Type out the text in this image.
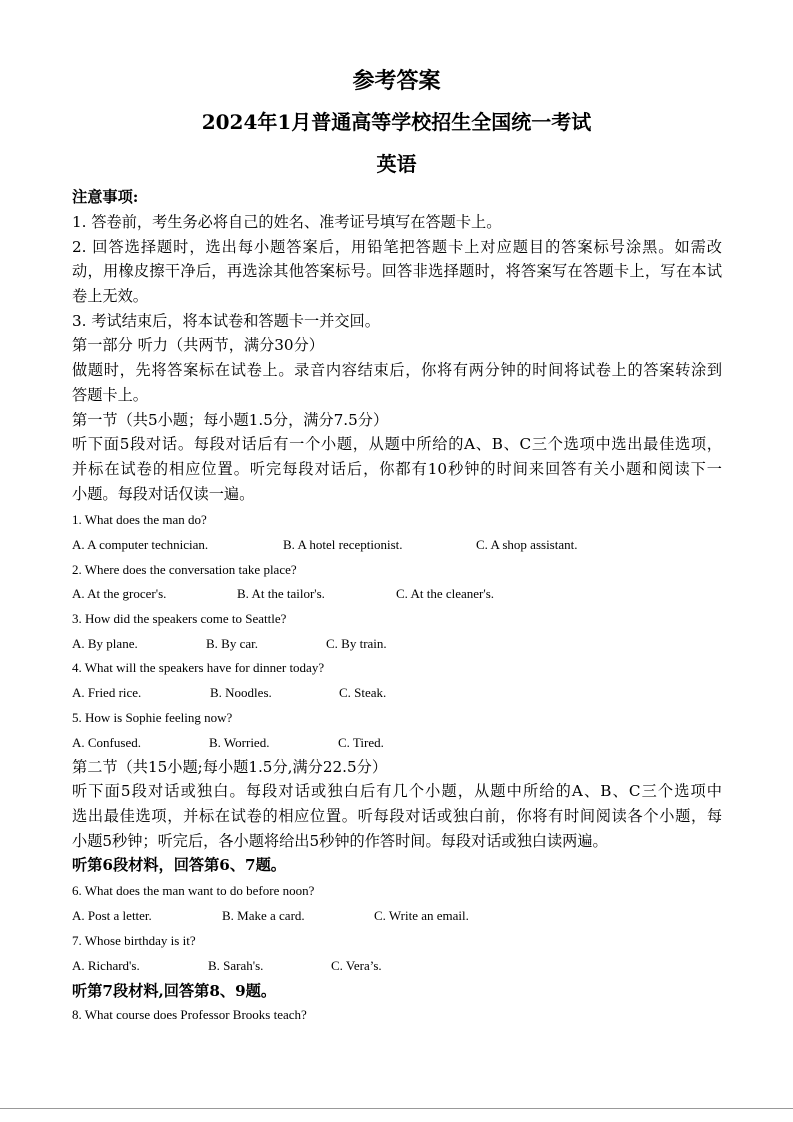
参考答案
2024年1月普通高等学校招生全国统一考试
英语
注意事项:
1. 答卷前，考生务必将自己的姓名、准考证号填写在答题卡上。
2. 回答选择题时，选出每小题答案后，用铅笔把答题卡上对应题目的答案标号涂黑。如需改
动，用橡皮擦干净后，再选涂其他答案标号。回答非选择题时，将答案写在答题卡上，写在本试
卷上无效。
3. 考试结束后，将本试卷和答题卡一并交回。
第一部分 听力（共两节，满分30分）
做题时，先将答案标在试卷上。录音内容结束后，你将有两分钟的时间将试卷上的答案转涂到
答题卡上。
第一节（共5小题；每小题1.5分，满分7.5分）
听下面5段对话。每段对话后有一个小题，从题中所给的A、B、C三个选项中选出最佳选项，
并标在试卷的相应位置。听完每段对话后，你都有10秒钟的时间来回答有关小题和阅读下一
小题。每段对话仅读一遍。
1. What does the man do?
A. A computer technician.	B. A hotel receptionist.	C. A shop assistant.
2. Where does the conversation take place?
A. At the grocer's.	B. At the tailor's.	C. At the cleaner's.
3. How did the speakers come to Seattle?
A. By plane.	B. By car.	C. By train.
4. What will the speakers have for dinner today?
A. Fried rice.	B. Noodles.	C. Steak.
5. How is Sophie feeling now?
A. Confused.	B. Worried.	C. Tired.
第二节（共15小题;每小题1.5分,满分22.5分）
听下面5段对话或独白。每段对话或独白后有几个小题，从题中所给的A、B、C三个选项中
选出最佳选项，并标在试卷的相应位置。听每段对话或独白前，你将有时间阅读各个小题，每
小题5秒钟；听完后，各小题将给出5秒钟的作答时间。每段对话或独白读两遍。
听第6段材料，回答第6、7题。
6. What does the man want to do before noon?
A. Post a letter.	B. Make a card.	C. Write an email.
7. Whose birthday is it?
A. Richard's.	B. Sarah's.	C. Vera’s.
听第7段材料,回答第8、9题。
8. What course does Professor Brooks teach?
